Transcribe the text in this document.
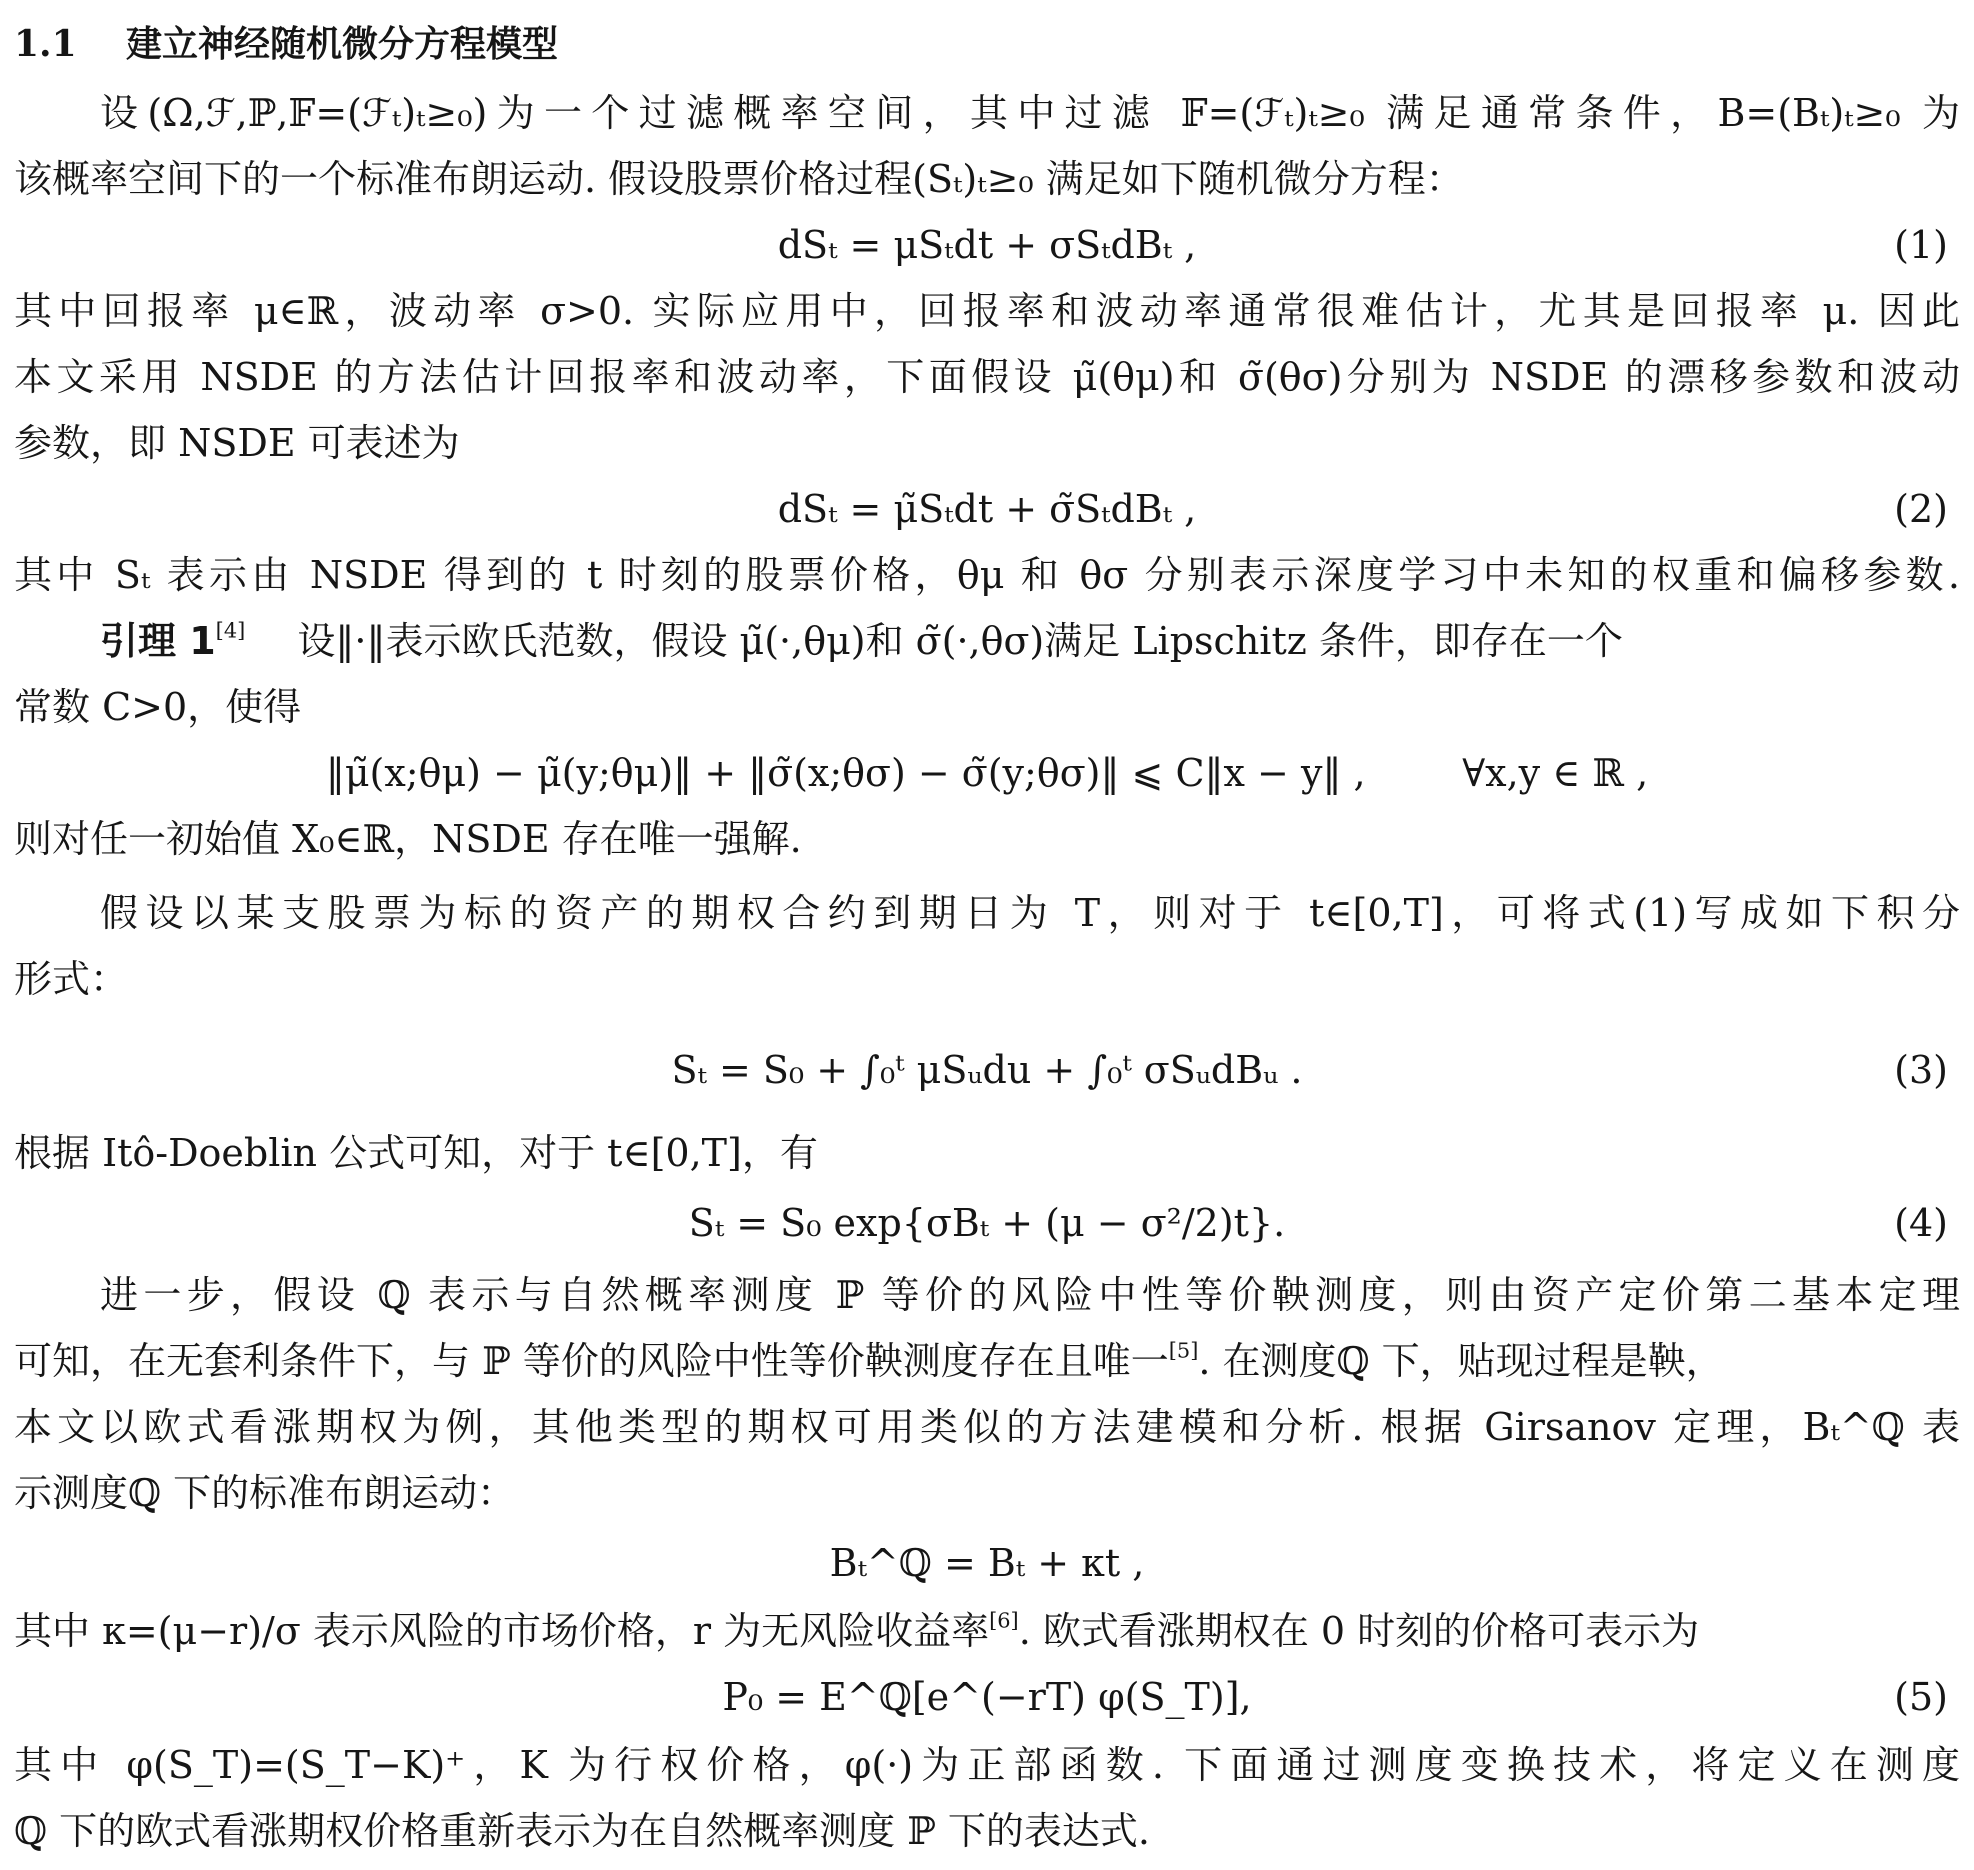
1.1 建立神经随机微分方程模型
设(Ω,ℱ,ℙ,𝔽=(ℱₜ)ₜ≥₀)为一个过滤概率空间，其中过滤 𝔽=(ℱₜ)ₜ≥₀ 满足通常条件，B=(Bₜ)ₜ≥₀ 为
该概率空间下的一个标准布朗运动. 假设股票价格过程(Sₜ)ₜ≥₀ 满足如下随机微分方程：
dSₜ = μSₜdt + σSₜdBₜ ,	(1)
其中回报率 μ∈ℝ，波动率 σ>0. 实际应用中，回报率和波动率通常很难估计，尤其是回报率 μ. 因此
本文采用 NSDE 的方法估计回报率和波动率，下面假设 μ̃(θμ)和 σ̃(θσ)分别为 NSDE 的漂移参数和波动
参数，即 NSDE 可表述为
dSₜ = μ̃Sₜdt + σ̃SₜdBₜ ,	(2)
其中 Sₜ 表示由 NSDE 得到的 t 时刻的股票价格，θμ 和 θσ 分别表示深度学习中未知的权重和偏移参数.
引理 1[4] 设‖·‖表示欧氏范数，假设 μ̃(·,θμ)和 σ̃(·,θσ)满足 Lipschitz 条件，即存在一个
常数 C>0，使得
‖μ̃(x;θμ) − μ̃(y;θμ)‖ + ‖σ̃(x;θσ) − σ̃(y;θσ)‖ ⩽ C‖x − y‖ ,        ∀x,y ∈ ℝ ,
则对任一初始值 X₀∈ℝ，NSDE 存在唯一强解.
假设以某支股票为标的资产的期权合约到期日为 T，则对于 t∈[0,T]，可将式(1)写成如下积分
形式：
Sₜ = S₀ + ∫₀ᵗ μSᵤdu + ∫₀ᵗ σSᵤdBᵤ .	(3)
根据 Itô-Doeblin 公式可知，对于 t∈[0,T]，有
Sₜ = S₀ exp{σBₜ + (μ − σ²/2)t}.	(4)
进一步，假设 ℚ 表示与自然概率测度 ℙ 等价的风险中性等价鞅测度，则由资产定价第二基本定理
可知，在无套利条件下，与 ℙ 等价的风险中性等价鞅测度存在且唯一[5]. 在测度ℚ 下，贴现过程是鞅，
本文以欧式看涨期权为例，其他类型的期权可用类似的方法建模和分析. 根据 Girsanov 定理，Bₜ^ℚ 表
示测度ℚ 下的标准布朗运动：
Bₜ^ℚ = Bₜ + κt ,
其中 κ=(μ−r)/σ 表示风险的市场价格，r 为无风险收益率[6]. 欧式看涨期权在 0 时刻的价格可表示为
P₀ = E^ℚ[e^(−rT) φ(S_T)],	(5)
其中 φ(S_T)=(S_T−K)⁺，K 为行权价格，φ(·)为正部函数. 下面通过测度变换技术，将定义在测度
ℚ 下的欧式看涨期权价格重新表示为在自然概率测度 ℙ 下的表达式.
